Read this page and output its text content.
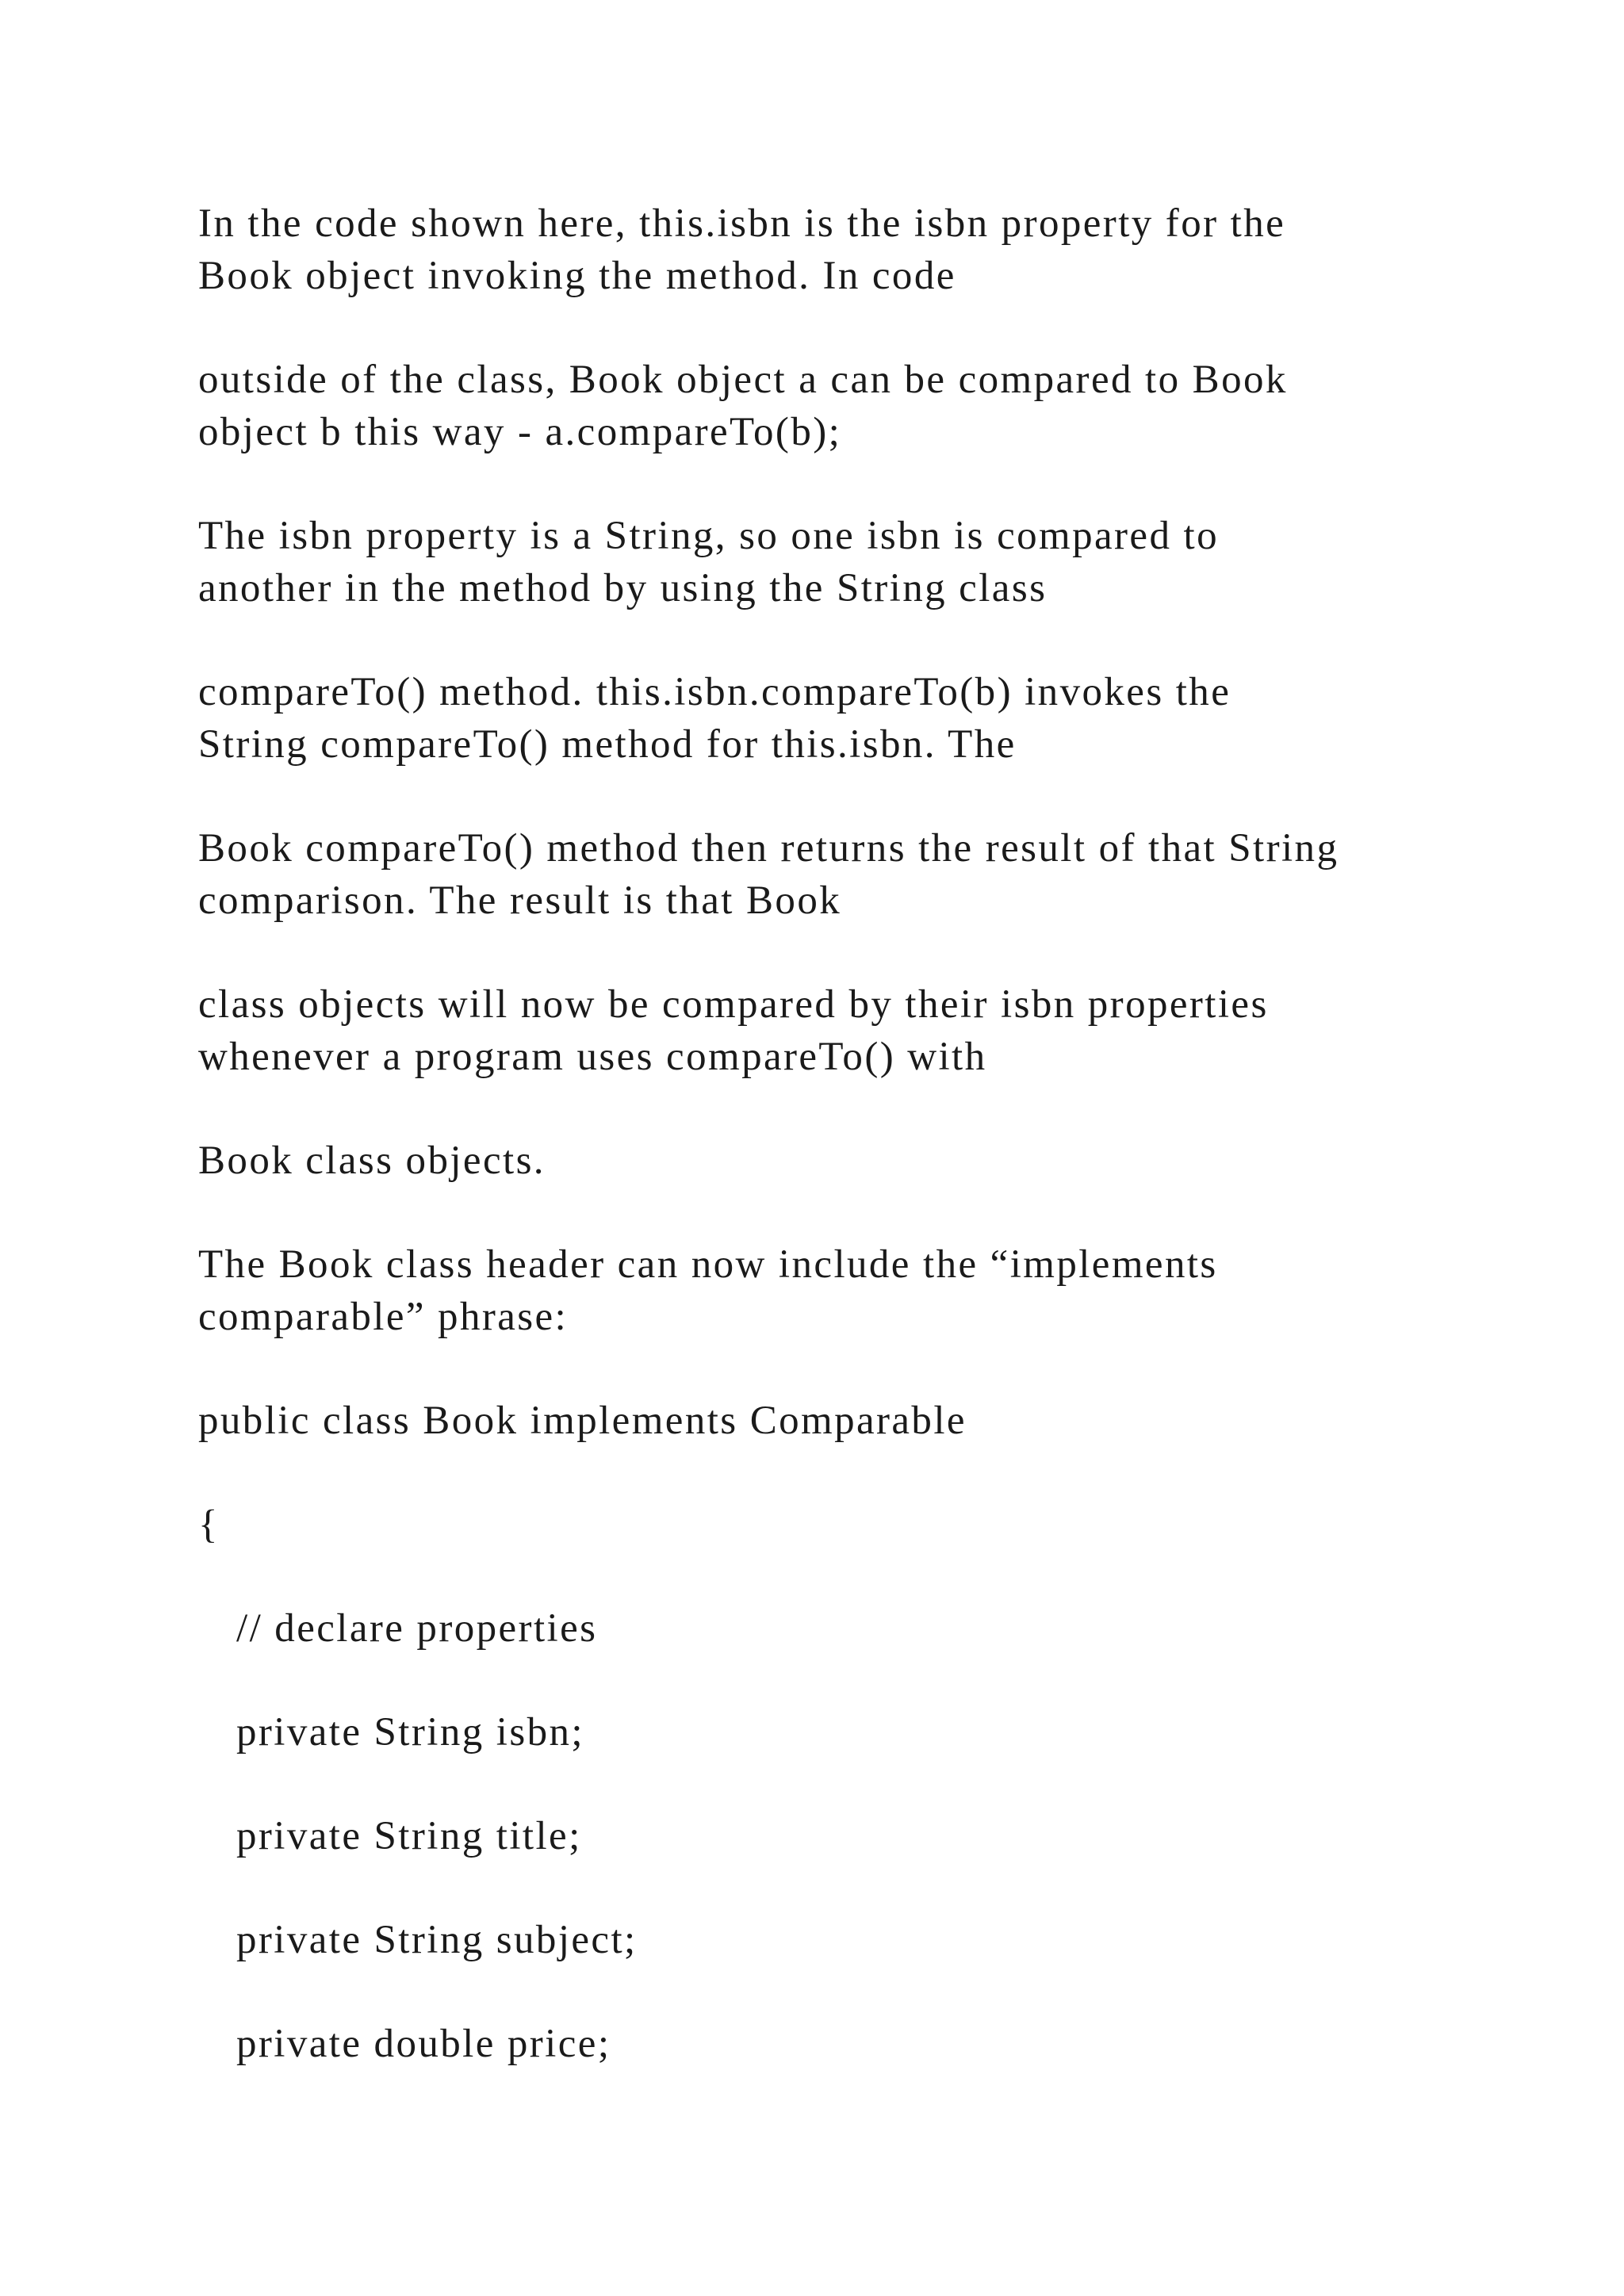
In the code shown here, this.isbn is the isbn property for the
Book object invoking the method. In code
outside of the class, Book object a can be compared to Book
object b this way - a.compareTo(b);
The isbn property is a String, so one isbn is compared to
another in the method by using the String class
compareTo() method. this.isbn.compareTo(b) invokes the
String compareTo() method for this.isbn. The
Book compareTo() method then returns the result of that String
comparison. The result is that Book
class objects will now be compared by their isbn properties
whenever a program uses compareTo() with
Book class objects.
The Book class header can now include the “implements
comparable” phrase:
public class Book implements Comparable
{
// declare properties
private String isbn;
private String title;
private String subject;
private double price;
